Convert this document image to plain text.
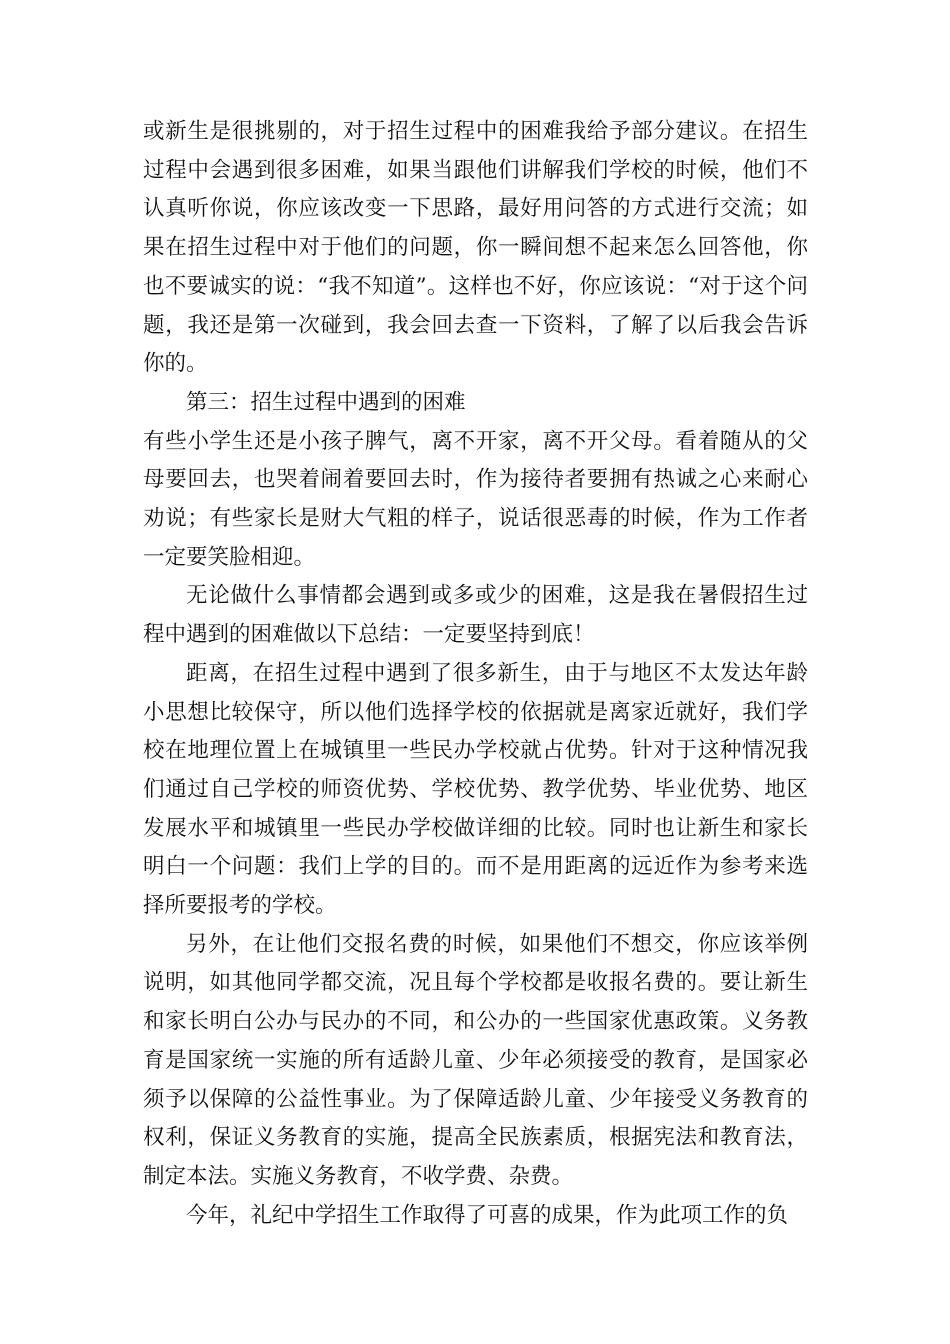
或新生是很挑剔的，对于招生过程中的困难我给予部分建议。在招生过程中会遇到很多困难，如果当跟他们讲解我们学校的时候，他们不认真听你说，你应该改变一下思路，最好用问答的方式进行交流；如果在招生过程中对于他们的问题，你一瞬间想不起来怎么回答他，你也不要诚实的说：“我不知道”。这样也不好，你应该说：“对于这个问题，我还是第一次碰到，我会回去查一下资料，了解了以后我会告诉你的。

第三：招生过程中遇到的困难

有些小学生还是小孩子脾气，离不开家，离不开父母。看着随从的父母要回去，也哭着闹着要回去时，作为接待者要拥有热诚之心来耐心劝说；有些家长是财大气粗的样子，说话很恶毒的时候，作为工作者一定要笑脸相迎。

无论做什么事情都会遇到或多或少的困难，这是我在暑假招生过程中遇到的困难做以下总结：一定要坚持到底！

距离，在招生过程中遇到了很多新生，由于与地区不太发达年龄小思想比较保守，所以他们选择学校的依据就是离家近就好，我们学校在地理位置上在城镇里一些民办学校就占优势。针对于这种情况我们通过自己学校的师资优势、学校优势、教学优势、毕业优势、地区发展水平和城镇里一些民办学校做详细的比较。同时也让新生和家长明白一个问题：我们上学的目的。而不是用距离的远近作为参考来选择所要报考的学校。

另外，在让他们交报名费的时候，如果他们不想交，你应该举例说明，如其他同学都交流，况且每个学校都是收报名费的。要让新生和家长明白公办与民办的不同，和公办的一些国家优惠政策。义务教育是国家统一实施的所有适龄儿童、少年必须接受的教育，是国家必须予以保障的公益性事业。为了保障适龄儿童、少年接受义务教育的权利，保证义务教育的实施，提高全民族素质，根据宪法和教育法，制定本法。实施义务教育，不收学费、杂费。

今年，礼纪中学招生工作取得了可喜的成果，作为此项工作的负
